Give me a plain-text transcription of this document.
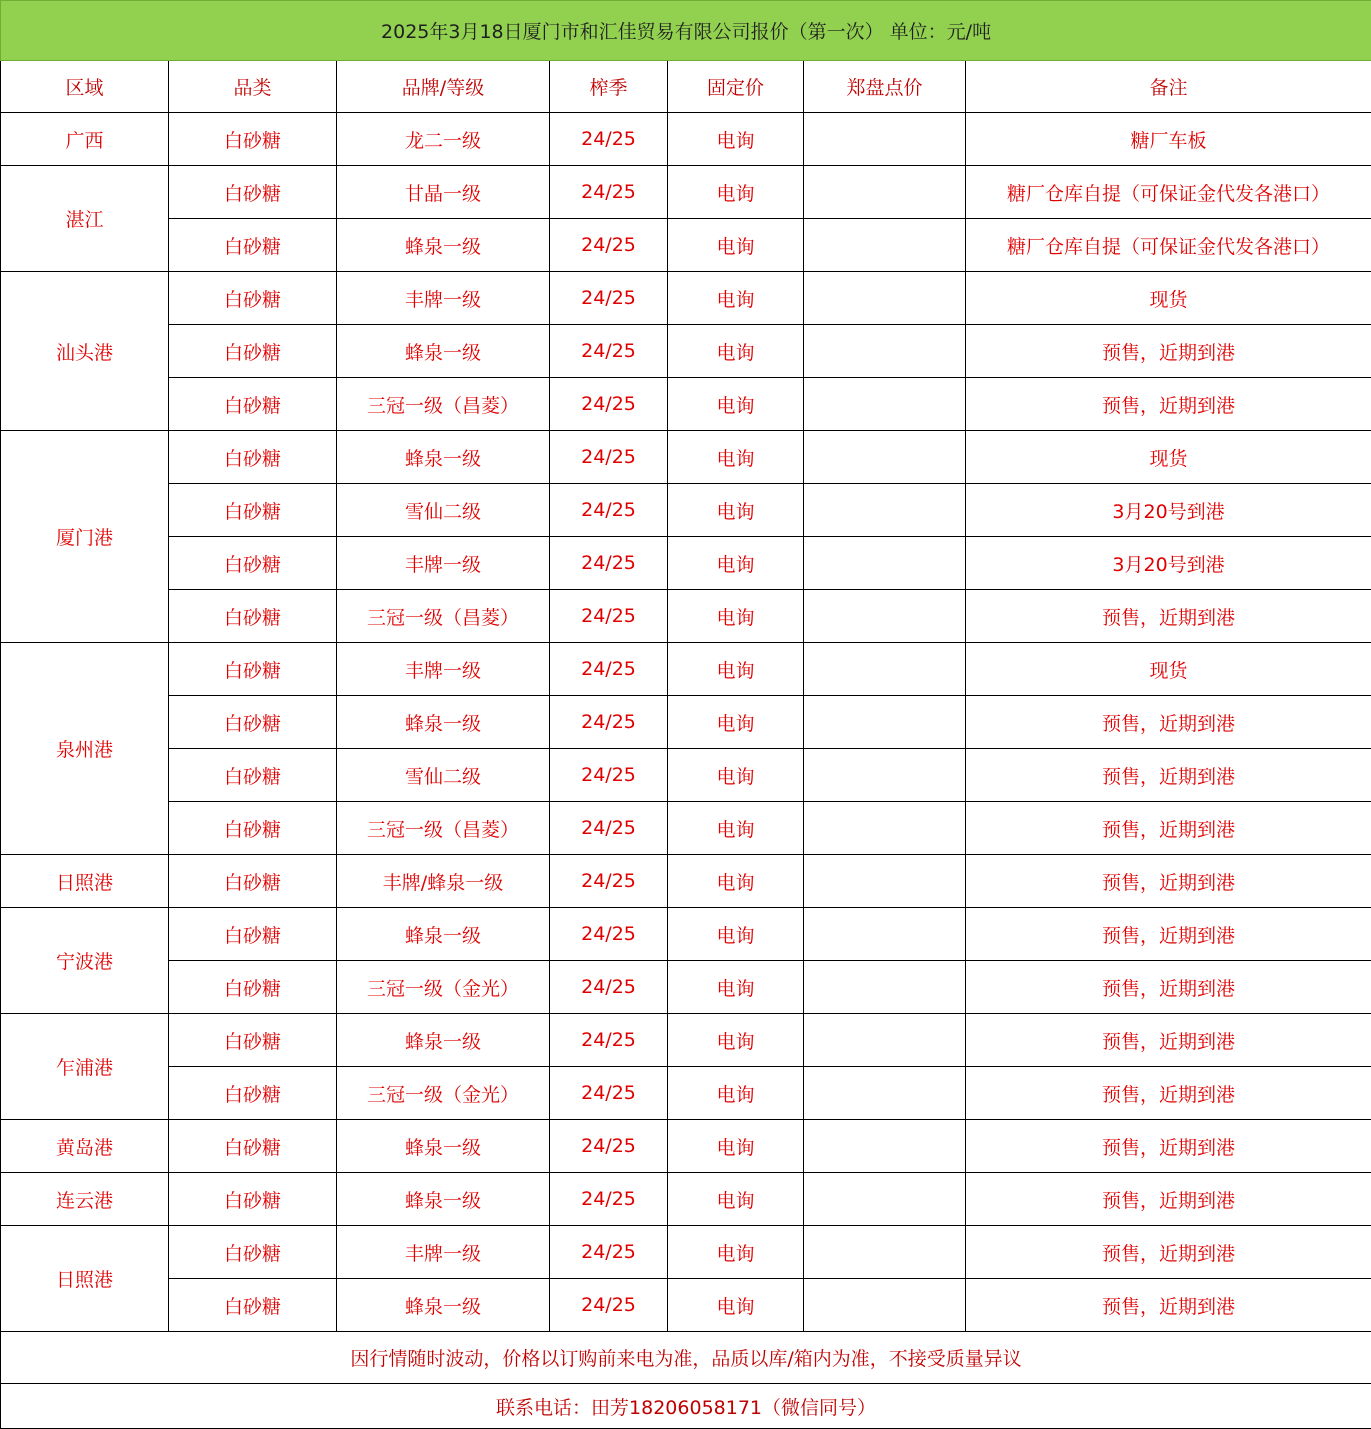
2025年3月18日厦门市和汇佳贸易有限公司报价（第一次） 单位：元/吨						
区域	品类	品牌/等级	榨季	固定价	郑盘点价	备注
广西	白砂糖	龙二一级	24/25	电询		糖厂车板
湛江	白砂糖	甘晶一级	24/25	电询		糖厂仓库自提（可保证金代发各港口）
	白砂糖	蜂泉一级	24/25	电询		糖厂仓库自提（可保证金代发各港口）
汕头港	白砂糖	丰牌一级	24/25	电询		现货
	白砂糖	蜂泉一级	24/25	电询		预售，近期到港
	白砂糖	三冠一级（昌菱）	24/25	电询		预售，近期到港
厦门港	白砂糖	蜂泉一级	24/25	电询		现货
	白砂糖	雪仙二级	24/25	电询		3月20号到港
	白砂糖	丰牌一级	24/25	电询		3月20号到港
	白砂糖	三冠一级（昌菱）	24/25	电询		预售，近期到港
泉州港	白砂糖	丰牌一级	24/25	电询		现货
	白砂糖	蜂泉一级	24/25	电询		预售，近期到港
	白砂糖	雪仙二级	24/25	电询		预售，近期到港
	白砂糖	三冠一级（昌菱）	24/25	电询		预售，近期到港
日照港	白砂糖	丰牌/蜂泉一级	24/25	电询		预售，近期到港
宁波港	白砂糖	蜂泉一级	24/25	电询		预售，近期到港
	白砂糖	三冠一级（金光）	24/25	电询		预售，近期到港
乍浦港	白砂糖	蜂泉一级	24/25	电询		预售，近期到港
	白砂糖	三冠一级（金光）	24/25	电询		预售，近期到港
黄岛港	白砂糖	蜂泉一级	24/25	电询		预售，近期到港
连云港	白砂糖	蜂泉一级	24/25	电询		预售，近期到港
日照港	白砂糖	丰牌一级	24/25	电询		预售，近期到港
	白砂糖	蜂泉一级	24/25	电询		预售，近期到港
因行情随时波动，价格以订购前来电为准，品质以库/箱内为准，不接受质量异议						
联系电话：田芳18206058171（微信同号）						
